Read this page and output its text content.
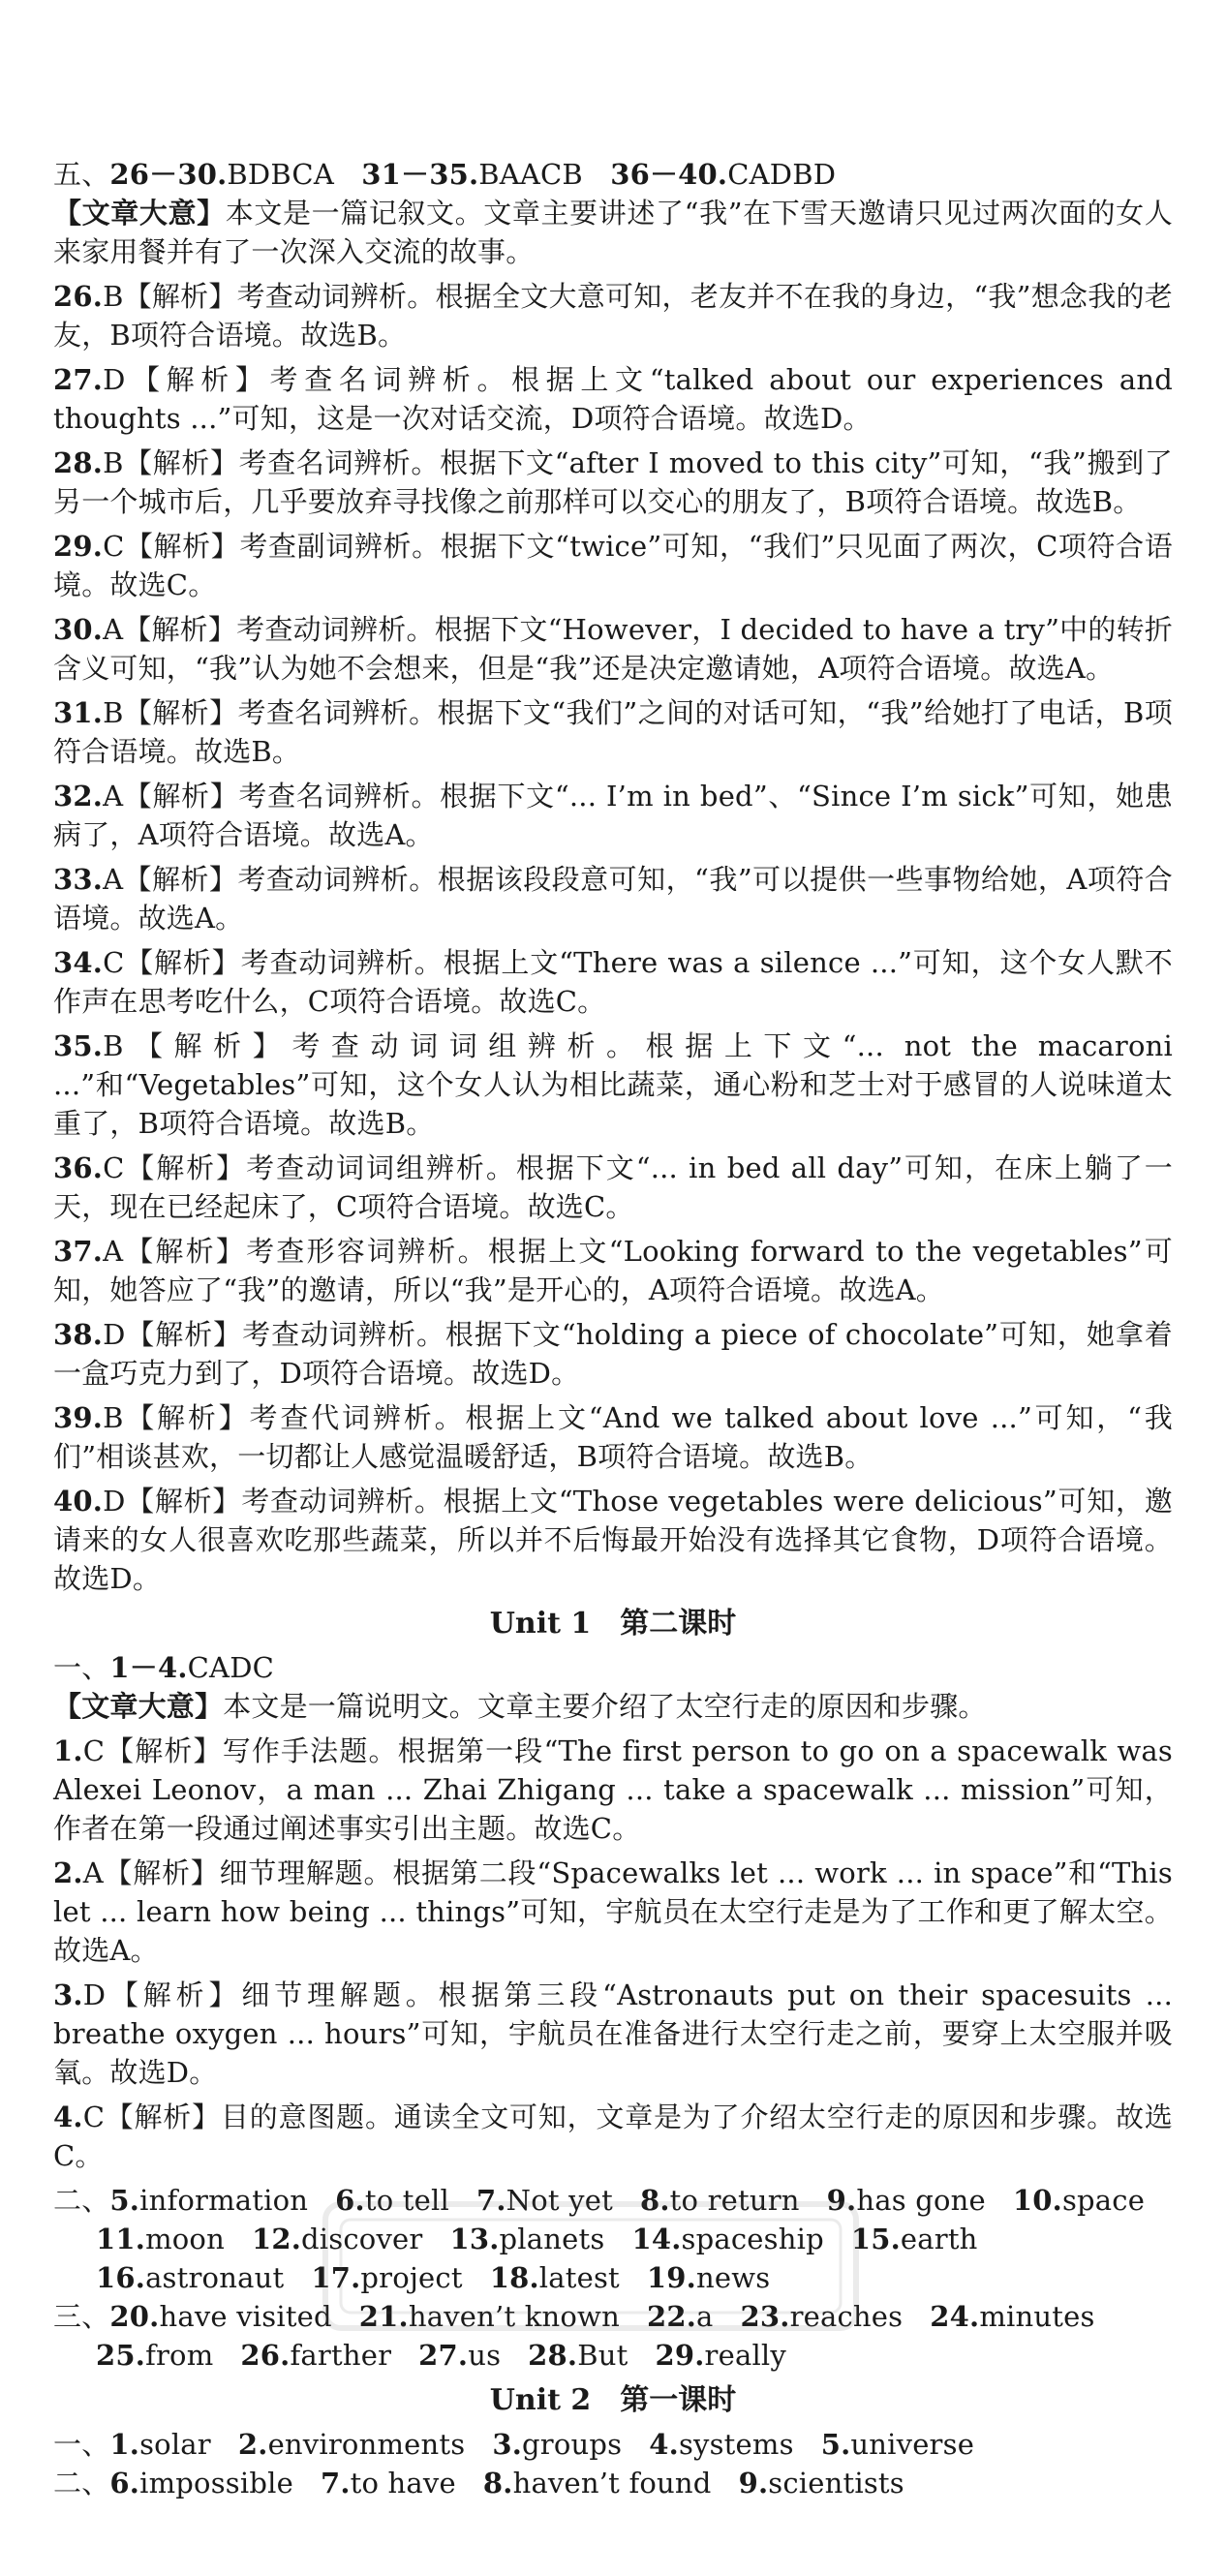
五、26－30.BDBCA 31－35.BAACB 36－40.CADBD
【文章大意】本文是一篇记叙文。文章主要讲述了“我”在下雪天邀请只见过两次面的女人来家用餐并有了一次深入交流的故事。
26.B【解析】考查动词辨析。根据全文大意可知，老友并不在我的身边，“我”想念我的老友，B项符合语境。故选B。
27.D【解析】考查名词辨析。根据上文“talked about our experiences and thoughts ...”可知，这是一次对话交流，D项符合语境。故选D。
28.B【解析】考查名词辨析。根据下文“after I moved to this city”可知，“我”搬到了另一个城市后，几乎要放弃寻找像之前那样可以交心的朋友了，B项符合语境。故选B。
29.C【解析】考查副词辨析。根据下文“twice”可知，“我们”只见面了两次，C项符合语境。故选C。
30.A【解析】考查动词辨析。根据下文“However，I decided to have a try”中的转折含义可知，“我”认为她不会想来，但是“我”还是决定邀请她，A项符合语境。故选A。
31.B【解析】考查名词辨析。根据下文“我们”之间的对话可知，“我”给她打了电话，B项符合语境。故选B。
32.A【解析】考查名词辨析。根据下文“... I’m in bed”、“Since I’m sick”可知，她患病了，A项符合语境。故选A。
33.A【解析】考查动词辨析。根据该段段意可知，“我”可以提供一些事物给她，A项符合语境。故选A。
34.C【解析】考查动词辨析。根据上文“There was a silence ...”可知，这个女人默不作声在思考吃什么，C项符合语境。故选C。
35.B【解析】考查动词词组辨析。根据上下文“... not the macaroni ...”和“Vegetables”可知，这个女人认为相比蔬菜，通心粉和芝士对于感冒的人说味道太重了，B项符合语境。故选B。
36.C【解析】考查动词词组辨析。根据下文“... in bed all day”可知，在床上躺了一天，现在已经起床了，C项符合语境。故选C。
37.A【解析】考查形容词辨析。根据上文“Looking forward to the vegetables”可知，她答应了“我”的邀请，所以“我”是开心的，A项符合语境。故选A。
38.D【解析】考查动词辨析。根据下文“holding a piece of chocolate”可知，她拿着一盒巧克力到了，D项符合语境。故选D。
39.B【解析】考查代词辨析。根据上文“And we talked about love ...”可知，“我们”相谈甚欢，一切都让人感觉温暖舒适，B项符合语境。故选B。
40.D【解析】考查动词辨析。根据上文“Those vegetables were delicious”可知，邀请来的女人很喜欢吃那些蔬菜，所以并不后悔最开始没有选择其它食物，D项符合语境。故选D。
Unit 1　第二课时
一、1－4.CADC
【文章大意】本文是一篇说明文。文章主要介绍了太空行走的原因和步骤。
1.C【解析】写作手法题。根据第一段“The first person to go on a spacewalk was Alexei Leonov，a man ... Zhai Zhigang ... take a spacewalk ... mission”可知，作者在第一段通过阐述事实引出主题。故选C。
2.A【解析】细节理解题。根据第二段“Spacewalks let ... work ... in space”和“This let ... learn how being ... things”可知，宇航员在太空行走是为了工作和更了解太空。故选A。
3.D【解析】细节理解题。根据第三段“Astronauts put on their spacesuits ... breathe oxygen ... hours”可知，宇航员在准备进行太空行走之前，要穿上太空服并吸氧。故选D。
4.C【解析】目的意图题。通读全文可知，文章是为了介绍太空行走的原因和步骤。故选C。
二、 5.information 6.to tell 7.Not yet 8.to return 9.has gone 10.space
11.moon 12.discover 13.planets 14.spaceship 15.earth
16.astronaut 17.project 18.latest 19.news
三、 20.have visited 21.haven’t known 22.a 23.reaches 24.minutes
25.from 26.farther 27.us 28.But 29.really
Unit 2　第一课时
一、 1.solar 2.environments 3.groups 4.systems 5.universe
二、 6.impossible 7.to have 8.haven’t found 9.scientists
